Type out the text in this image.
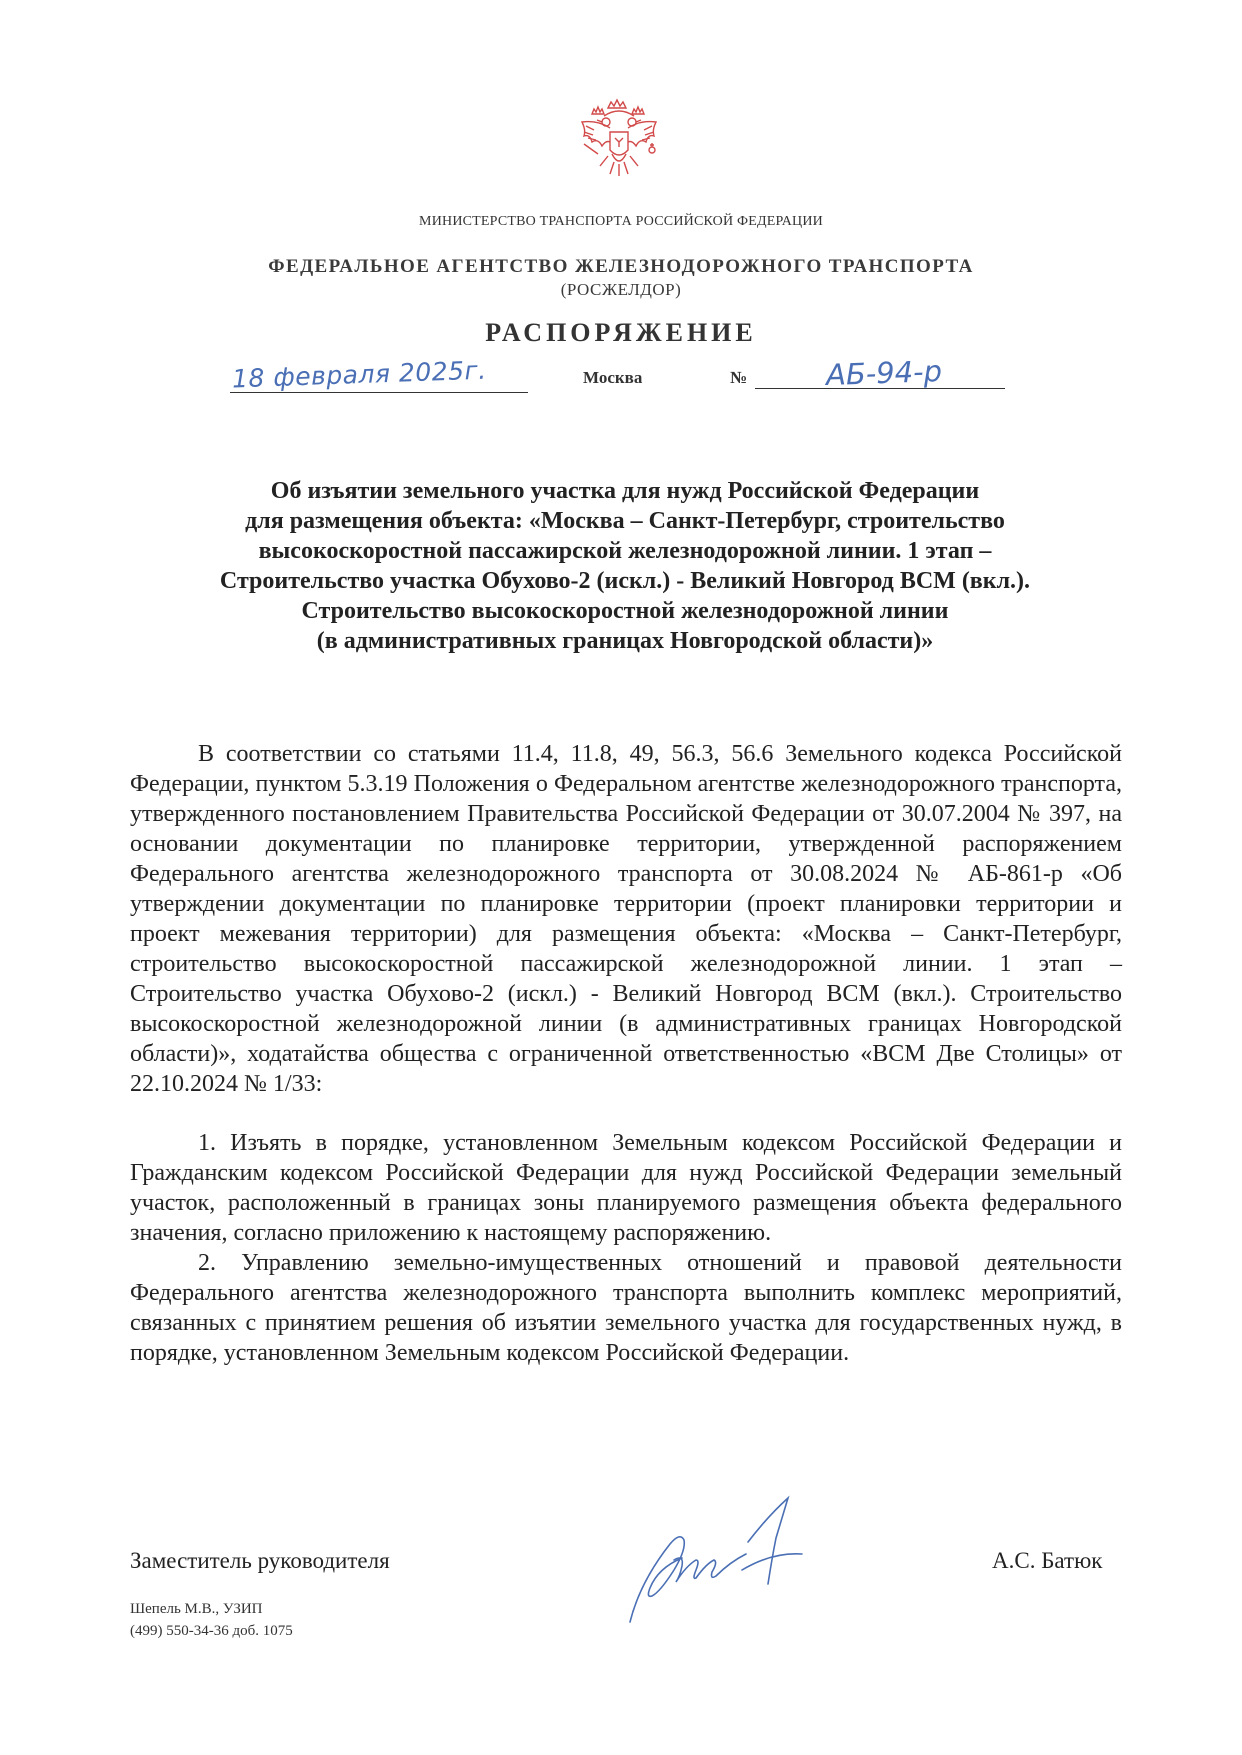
МИНИСТЕРСТВО ТРАНСПОРТА РОССИЙСКОЙ ФЕДЕРАЦИИ
ФЕДЕРАЛЬНОЕ АГЕНТСТВО ЖЕЛЕЗНОДОРОЖНОГО ТРАНСПОРТА
(РОСЖЕЛДОР)
РАСПОРЯЖЕНИЕ
18 февраля 2025г.	Москва	№	АБ-94-р
Об изъятии земельного участка для нужд Российской Федерации
для размещения объекта: «Москва – Санкт-Петербург, строительство
высокоскоростной пассажирской железнодорожной линии. 1 этап –
Строительство участка Обухово-2 (искл.) - Великий Новгород ВСМ (вкл.).
Строительство высокоскоростной железнодорожной линии
(в административных границах Новгородской области)»

В соответствии со статьями 11.4, 11.8, 49, 56.3, 56.6 Земельного кодекса Российской Федерации, пунктом 5.3.19 Положения о Федеральном агентстве железнодорожного транспорта, утвержденного постановлением Правительства Российской Федерации от 30.07.2004 № 397, на основании документации по планировке территории, утвержденной распоряжением Федерального агентства железнодорожного транспорта от 30.08.2024 № АБ-861-р «Об утверждении документации по планировке территории (проект планировки территории и проект межевания территории) для размещения объекта: «Москва – Санкт-Петербург, строительство высокоскоростной пассажирской железнодорожной линии. 1 этап – Строительство участка Обухово-2 (искл.) - Великий Новгород ВСМ (вкл.). Строительство высокоскоростной железнодорожной линии (в административных границах Новгородской области)», ходатайства общества с ограниченной ответственностью «ВСМ Две Столицы» от 22.10.2024 № 1/33:

1. Изъять в порядке, установленном Земельным кодексом Российской Федерации и Гражданским кодексом Российской Федерации для нужд Российской Федерации земельный участок, расположенный в границах зоны планируемого размещения объекта федерального значения, согласно приложению к настоящему распоряжению.

2. Управлению земельно-имущественных отношений и правовой деятельности Федерального агентства железнодорожного транспорта выполнить комплекс мероприятий, связанных с принятием решения об изъятии земельного участка для государственных нужд, в порядке, установленном Земельным кодексом Российской Федерации.

Заместитель руководителя	А.С. Батюк
Шепель М.В., УЗИП
(499) 550-34-36 доб. 1075
